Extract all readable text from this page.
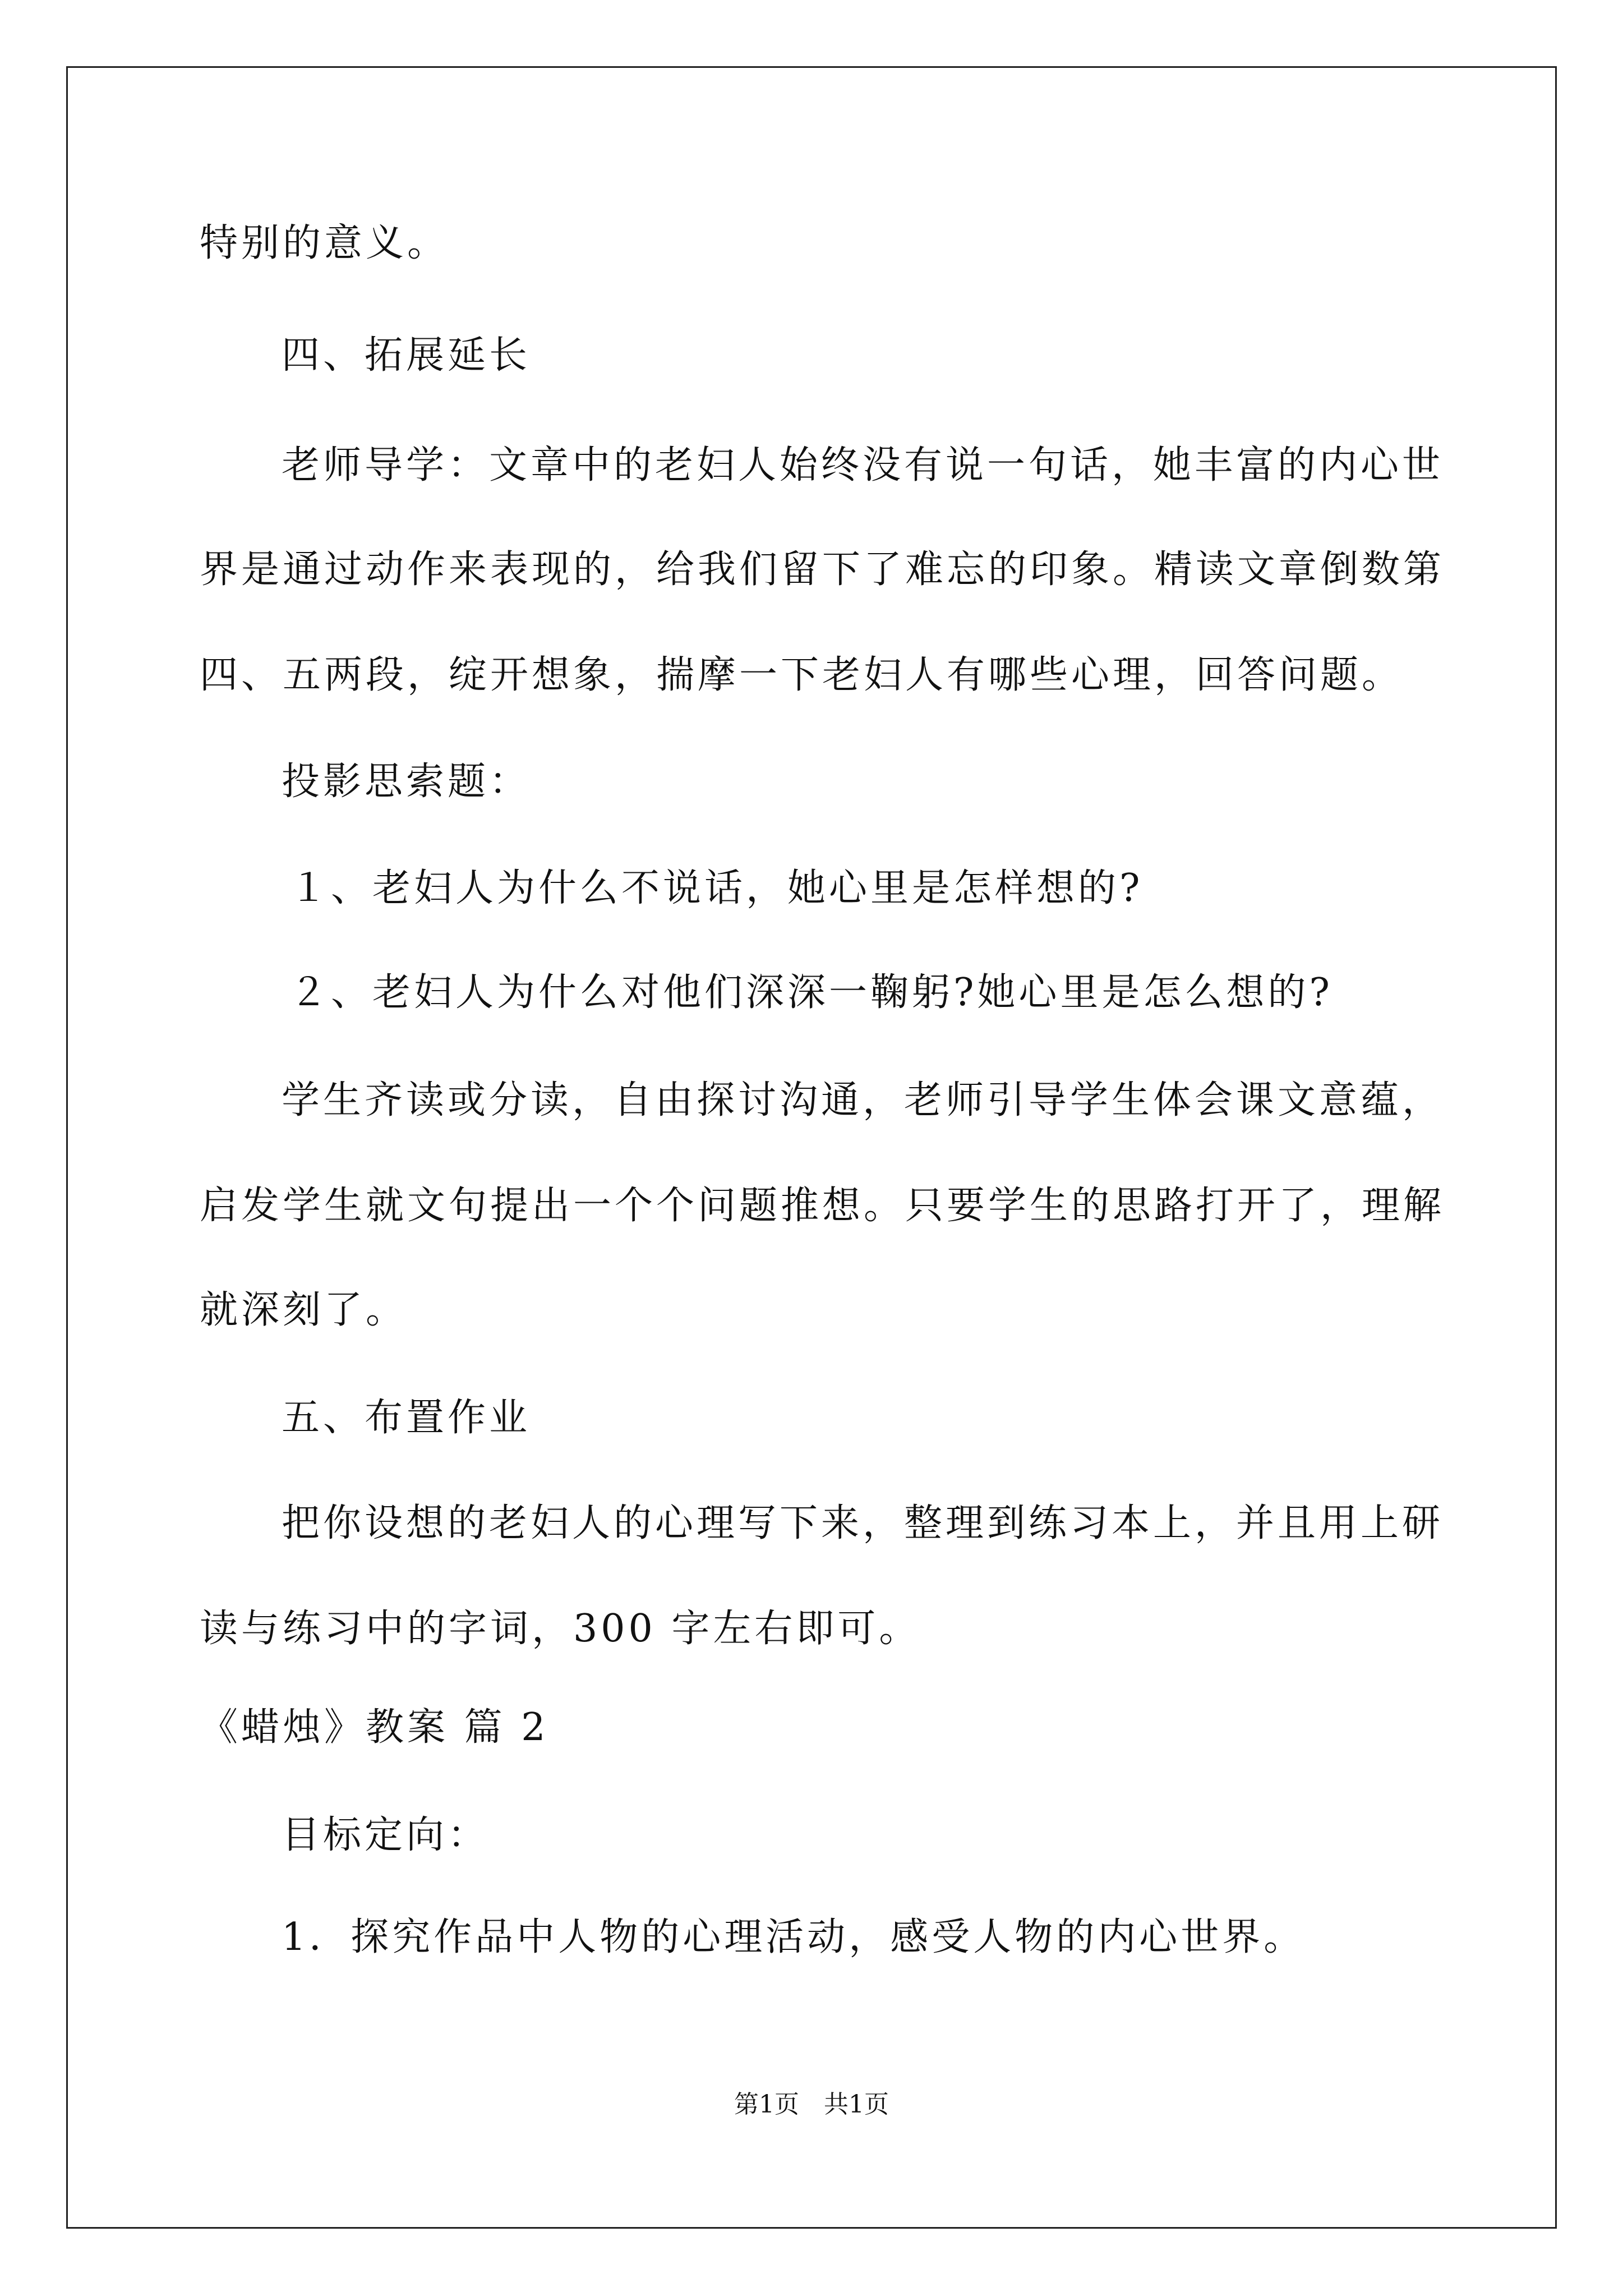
特别的意义。
四、拓展延长
老师导学：文章中的老妇人始终没有说一句话，她丰富的内心世
界是通过动作来表现的，给我们留下了难忘的印象。精读文章倒数第
四、五两段，绽开想象，揣摩一下老妇人有哪些心理，回答问题。
投影思索题：
１、老妇人为什么不说话，她心里是怎样想的?
２、老妇人为什么对他们深深一鞠躬?她心里是怎么想的?
学生齐读或分读，自由探讨沟通，老师引导学生体会课文意蕴，
启发学生就文句提出一个个问题推想。只要学生的思路打开了，理解
就深刻了。
五、布置作业
把你设想的老妇人的心理写下来，整理到练习本上，并且用上研
读与练习中的字词，300 字左右即可。
《蜡烛》教案 篇 2
目标定向：
1．探究作品中人物的心理活动，感受人物的内心世界。
第1页　共1页
